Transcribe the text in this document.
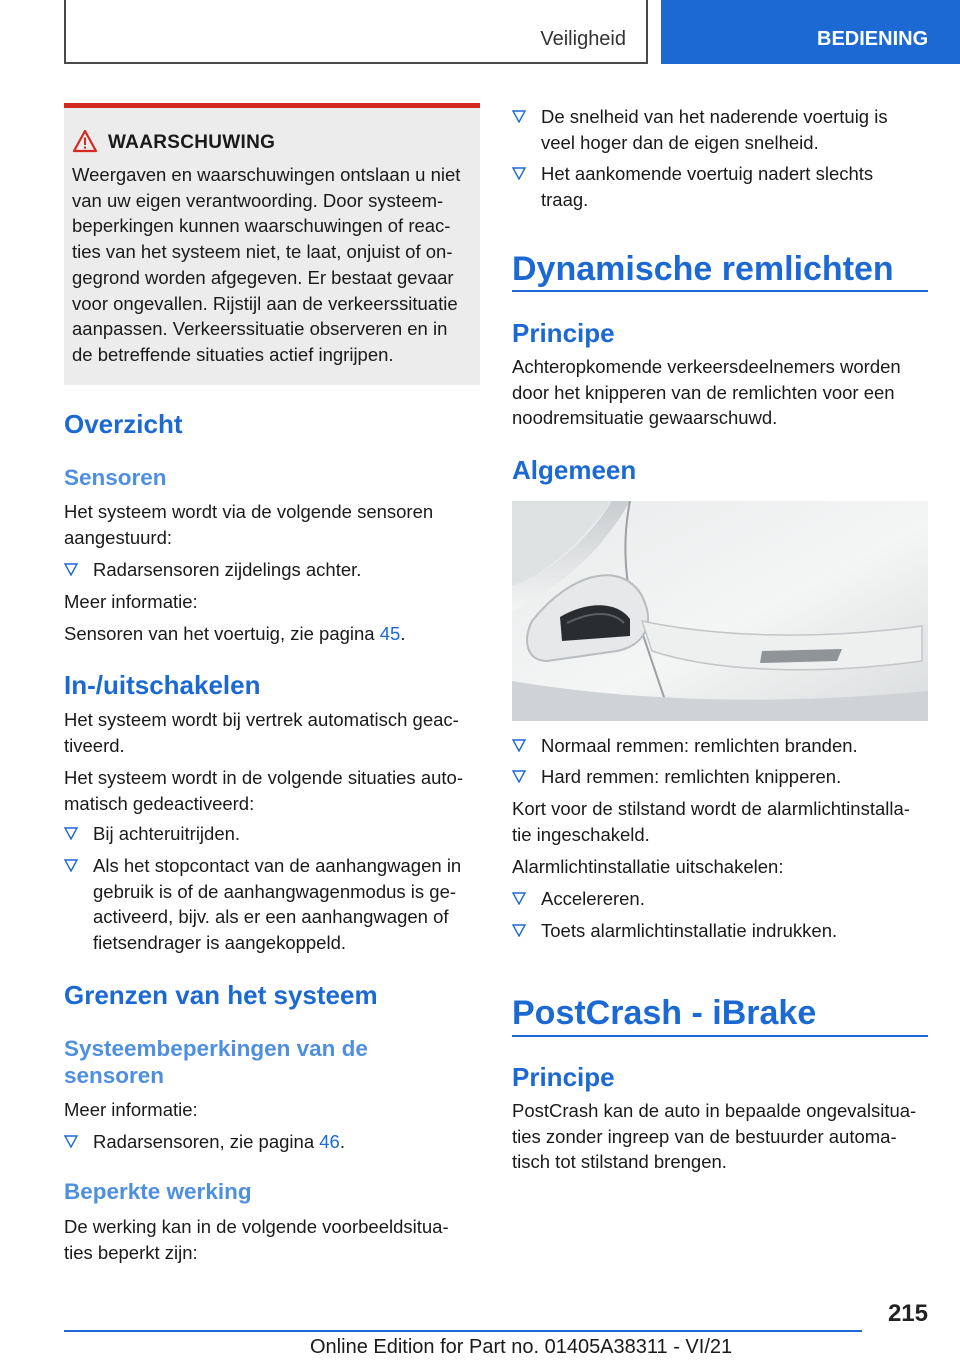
Veiligheid	BEDIENING
WAARSCHUWING
Weergaven en waarschuwingen ontslaan u niet
van uw eigen verantwoording. Door systeem-
beperkingen kunnen waarschuwingen of reac-
ties van het systeem niet, te laat, onjuist of on-
gegrond worden afgegeven. Er bestaat gevaar
voor ongevallen. Rijstijl aan de verkeerssituatie
aanpassen. Verkeerssituatie observeren en in
de betreffende situaties actief ingrijpen.
Overzicht
Sensoren
Het systeem wordt via de volgende sensoren
aangestuurd:
Radarsensoren zijdelings achter.
Meer informatie:
Sensoren van het voertuig, zie pagina 45.
In-/uitschakelen
Het systeem wordt bij vertrek automatisch geac-
tiveerd.
Het systeem wordt in de volgende situaties auto-
matisch gedeactiveerd:
Bij achteruitrijden.
Als het stopcontact van de aanhangwagen in
gebruik is of de aanhangwagenmodus is ge-
activeerd, bijv. als er een aanhangwagen of
fietsendrager is aangekoppeld.
Grenzen van het systeem
Systeembeperkingen van de
sensoren
Meer informatie:
Radarsensoren, zie pagina 46.
Beperkte werking
De werking kan in de volgende voorbeeldsitua-
ties beperkt zijn:
De snelheid van het naderende voertuig is
veel hoger dan de eigen snelheid.
Het aankomende voertuig nadert slechts
traag.
Dynamische remlichten
Principe
Achteropkomende verkeersdeelnemers worden
door het knipperen van de remlichten voor een
noodremsituatie gewaarschuwd.
Algemeen
Normaal remmen: remlichten branden.
Hard remmen: remlichten knipperen.
Kort voor de stilstand wordt de alarmlichtinstalla-
tie ingeschakeld.
Alarmlichtinstallatie uitschakelen:
Accelereren.
Toets alarmlichtinstallatie indrukken.
PostCrash - iBrake
Principe
PostCrash kan de auto in bepaalde ongevalsitua-
ties zonder ingreep van de bestuurder automa-
tisch tot stilstand brengen.
215
Online Edition for Part no. 01405A38311 - VI/21
